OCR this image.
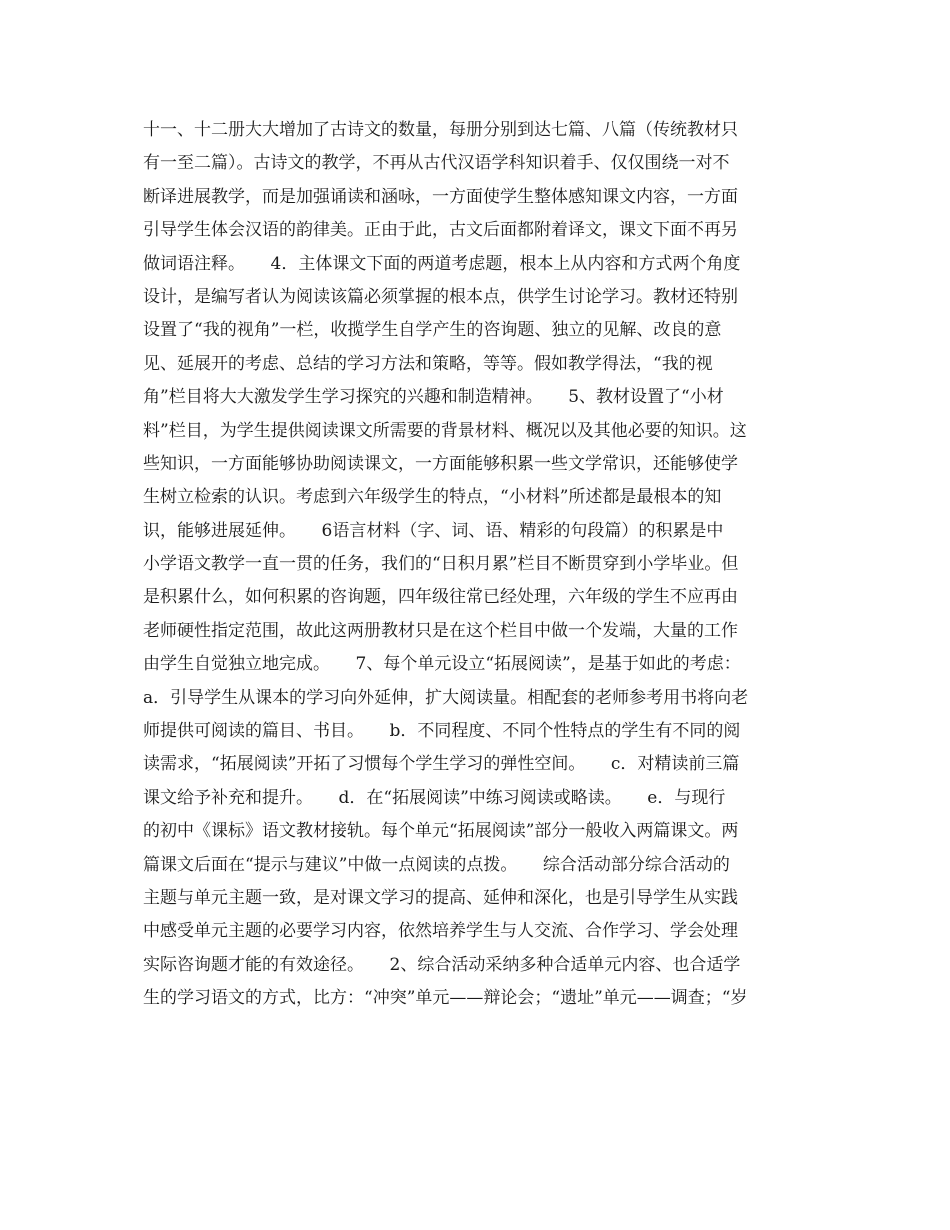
十一、十二册大大增加了古诗文的数量，每册分别到达七篇、八篇（传统教材只
有一至二篇）。古诗文的教学，不再从古代汉语学科知识着手、仅仅围绕一对不
断译进展教学，而是加强诵读和涵咏，一方面使学生整体感知课文内容，一方面
引导学生体会汉语的韵律美。正由于此，古文后面都附着译文，课文下面不再另
做词语注释。　　4．主体课文下面的两道考虑题，根本上从内容和方式两个角度
设计，是编写者认为阅读该篇必须掌握的根本点，供学生讨论学习。教材还特别
设置了“我的视角”一栏，收揽学生自学产生的咨询题、独立的见解、改良的意
见、延展开的考虑、总结的学习方法和策略，等等。假如教学得法，“我的视
角”栏目将大大激发学生学习探究的兴趣和制造精神。　　5、教材设置了“小材
料”栏目，为学生提供阅读课文所需要的背景材料、概况以及其他必要的知识。这
些知识，一方面能够协助阅读课文，一方面能够积累一些文学常识，还能够使学
生树立检索的认识。考虑到六年级学生的特点，“小材料”所述都是最根本的知
识，能够进展延伸。　　6语言材料（字、词、语、精彩的句段篇）的积累是中
小学语文教学一直一贯的任务，我们的“日积月累”栏目不断贯穿到小学毕业。但
是积累什么，如何积累的咨询题，四年级往常已经处理，六年级的学生不应再由
老师硬性指定范围，故此这两册教材只是在这个栏目中做一个发端，大量的工作
由学生自觉独立地完成。　　7、每个单元设立“拓展阅读”，是基于如此的考虑：
a．引导学生从课本的学习向外延伸，扩大阅读量。相配套的老师参考用书将向老
师提供可阅读的篇目、书目。　　b．不同程度、不同个性特点的学生有不同的阅
读需求，“拓展阅读”开拓了习惯每个学生学习的弹性空间。　　c．对精读前三篇
课文给予补充和提升。　　d．在“拓展阅读”中练习阅读或略读。　　e．与现行
的初中《课标》语文教材接轨。每个单元“拓展阅读”部分一般收入两篇课文。两
篇课文后面在“提示与建议”中做一点阅读的点拨。　　综合活动部分综合活动的
主题与单元主题一致，是对课文学习的提高、延伸和深化，也是引导学生从实践
中感受单元主题的必要学习内容，依然培养学生与人交流、合作学习、学会处理
实际咨询题才能的有效途径。　　2、综合活动采纳多种合适单元内容、也合适学
生的学习语文的方式，比方：“冲突”单元——辩论会；“遗址”单元——调查；“岁
